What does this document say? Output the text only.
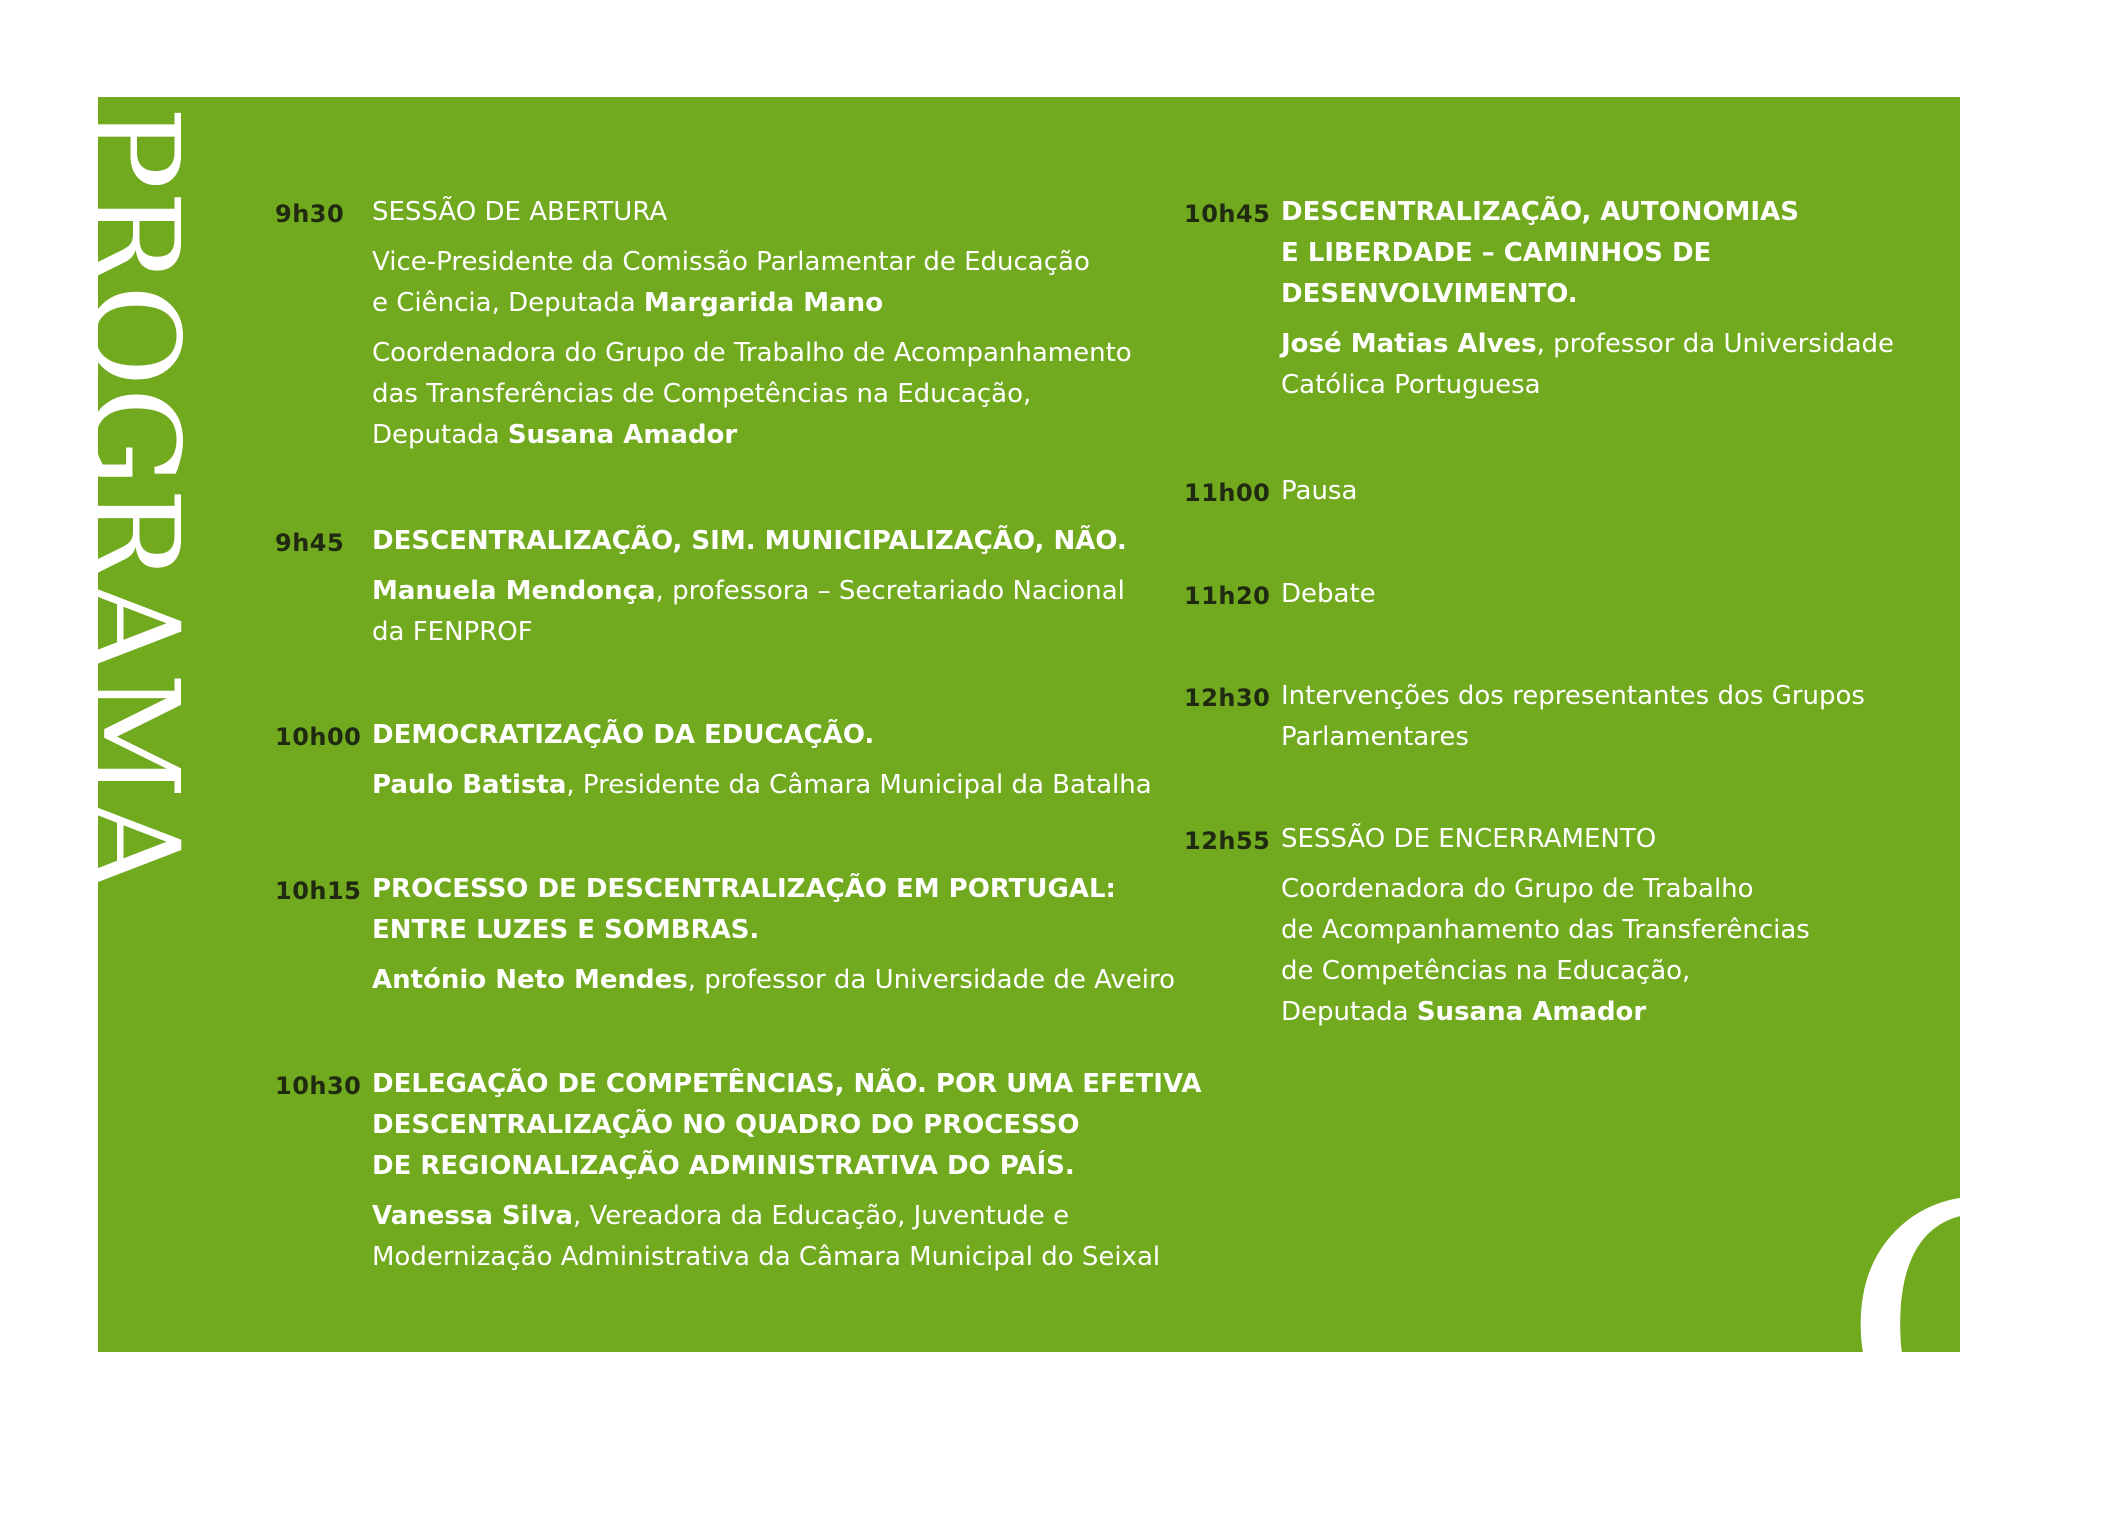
C
PROGRAMA	9h30 SESSÃO DE ABERTURA
Vice-Presidente da Comissão Parlamentar de Educação
e Ciência, Deputada Margarida Mano
Coordenadora do Grupo de Trabalho de Acompanhamento
das Transferências de Competências na Educação,
Deputada Susana Amador
9h45 DESCENTRALIZAÇÃO, SIM. MUNICIPALIZAÇÃO, NÃO.
Manuela Mendonça, professora – Secretariado Nacional
da FENPROF
10h00 DEMOCRATIZAÇÃO DA EDUCAÇÃO.
Paulo Batista, Presidente da Câmara Municipal da Batalha
10h15 PROCESSO DE DESCENTRALIZAÇÃO EM PORTUGAL:
ENTRE LUZES E SOMBRAS.
António Neto Mendes, professor da Universidade de Aveiro
10h30 DELEGAÇÃO DE COMPETÊNCIAS, NÃO. POR UMA EFETIVA
DESCENTRALIZAÇÃO NO QUADRO DO PROCESSO
DE REGIONALIZAÇÃO ADMINISTRATIVA DO PAÍS.
Vanessa Silva, Vereadora da Educação, Juventude e
Modernização Administrativa da Câmara Municipal do Seixal
10h45 DESCENTRALIZAÇÃO, AUTONOMIAS
E LIBERDADE – CAMINHOS DE
DESENVOLVIMENTO.
José Matias Alves, professor da Universidade
Católica Portuguesa
11h00 Pausa
11h20 Debate
12h30 Intervenções dos representantes dos Grupos
Parlamentares
12h55 SESSÃO DE ENCERRAMENTO
Coordenadora do Grupo de Trabalho
de Acompanhamento das Transferências
de Competências na Educação,
Deputada Susana Amador
